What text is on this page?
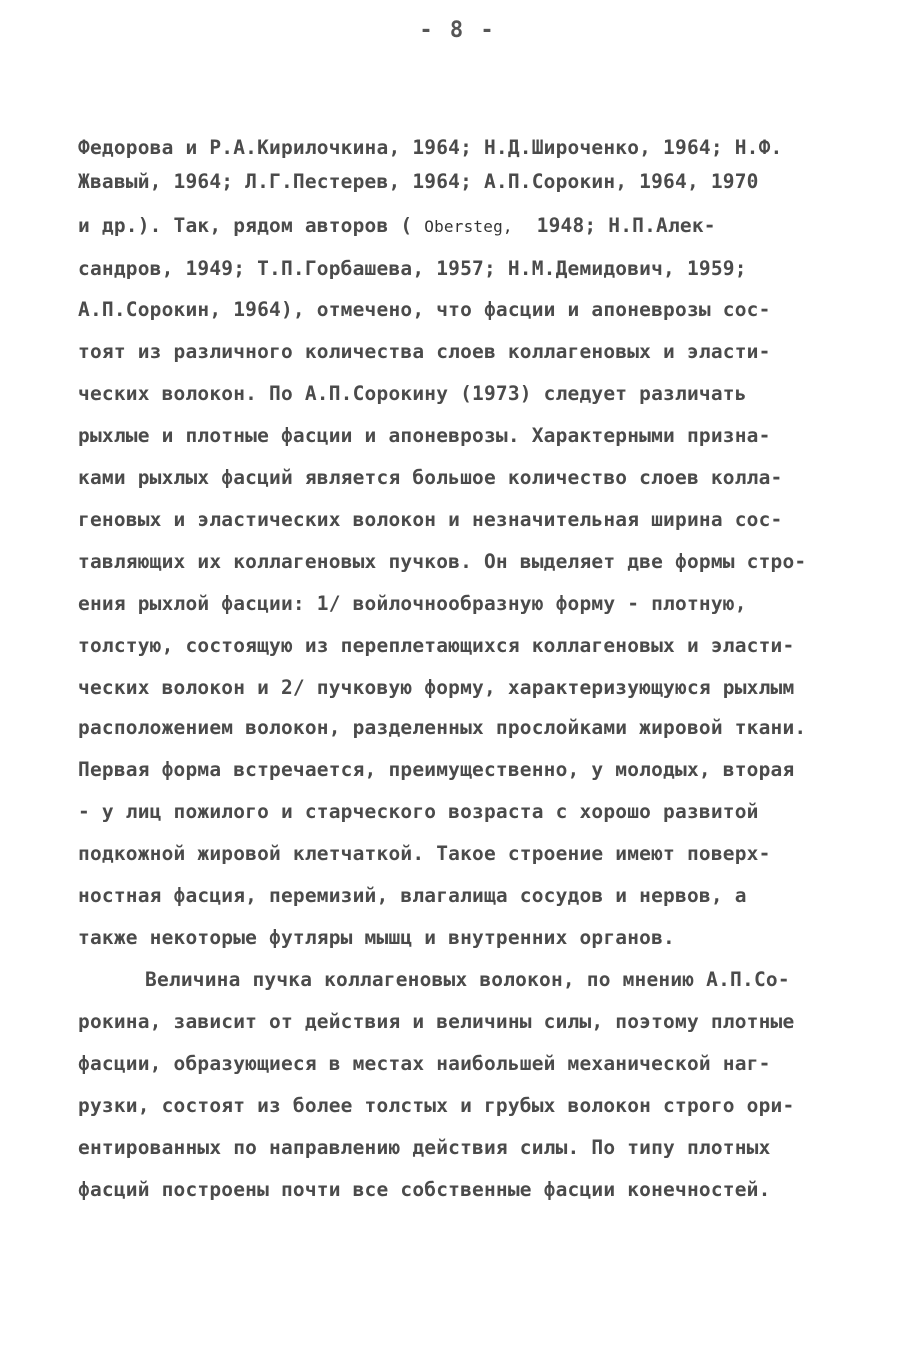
- 8 -
Федорова и Р.А.Кирилочкина, 1964; Н.Д.Широченко, 1964; Н.Ф.
Жвавый, 1964; Л.Г.Пестерев, 1964; А.П.Сорокин, 1964, 1970
и др.). Так, рядом авторов ( Obersteg,  1948; Н.П.Алек-
сандров, 1949; Т.П.Горбашева, 1957; Н.М.Демидович, 1959;
А.П.Сорокин, 1964), отмечено, что фасции и апоневрозы сос-
тоят из различного количества слоев коллагеновых и эласти-
ческих волокон. По А.П.Сорокину (1973) следует различать
рыхлые и плотные фасции и апоневрозы. Характерными призна-
ками рыхлых фасций является большое количество слоев колла-
геновых и эластических волокон и незначительная ширина сос-
тавляющих их коллагеновых пучков. Он выделяет две формы стро-
ения рыхлой фасции: 1/ войлочнообразную форму - плотную,
толстую, состоящую из переплетающихся коллагеновых и эласти-
ческих волокон и 2/ пучковую форму, характеризующуюся рыхлым
расположением волокон, разделенных прослойками жировой ткани.
Первая форма встречается, преимущественно, у молодых, вторая
- у лиц пожилого и старческого возраста с хорошо развитой
подкожной жировой клетчаткой. Такое строение имеют поверх-
ностная фасция, перемизий, влагалища сосудов и нервов, а
также некоторые футляры мышц и внутренних органов.
Величина пучка коллагеновых волокон, по мнению А.П.Со-
рокина, зависит от действия и величины силы, поэтому плотные
фасции, образующиеся в местах наибольшей механической наг-
рузки, состоят из более толстых и грубых волокон строго ори-
ентированных по направлению действия силы. По типу плотных
фасций построены почти все собственные фасции конечностей.
